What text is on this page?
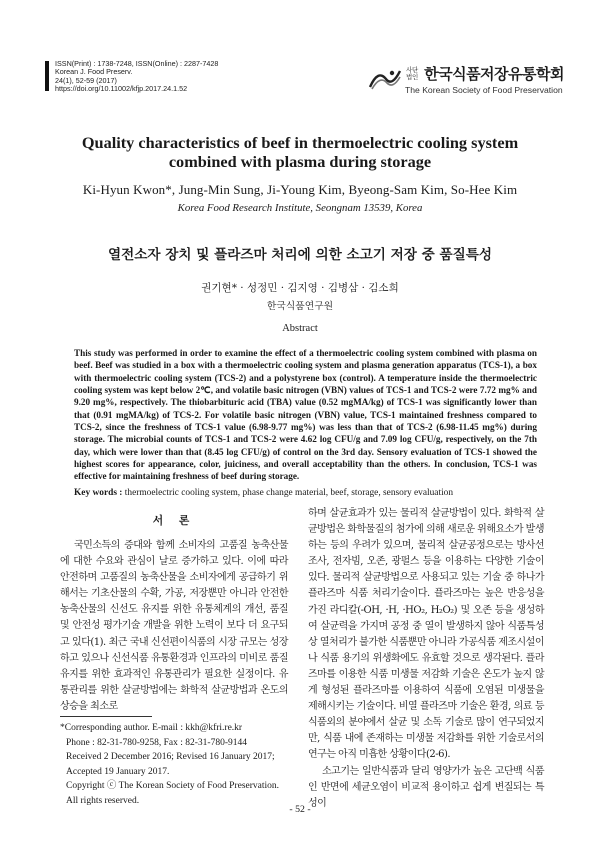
ISSN(Print) : 1738-7248, ISSN(Online) : 2287-7428
Korean J. Food Preserv.
24(1), 52-59 (2017)
https://doi.org/10.11002/kfjp.2017.24.1.52
사단법인 한국식품저장유통학회
The Korean Society of Food Preservation
Quality characteristics of beef in thermoelectric cooling system combined with plasma during storage
Ki-Hyun Kwon*, Jung-Min Sung, Ji-Young Kim, Byeong-Sam Kim, So-Hee Kim
Korea Food Research Institute, Seongnam 13539, Korea
열전소자 장치 및 플라즈마 처리에 의한 소고기 저장 중 품질특성
권기현* · 성정민 · 김지영 · 김병삼 · 김소희
한국식품연구원
Abstract
This study was performed in order to examine the effect of a thermoelectric cooling system combined with plasma on beef. Beef was studied in a box with a thermoelectric cooling system and plasma generation apparatus (TCS-1), a box with thermoelectric cooling system (TCS-2) and a polystyrene box (control). A temperature inside the thermoelectric cooling system was kept below 2℃, and volatile basic nitrogen (VBN) values of TCS-1 and TCS-2 were 7.72 mg% and 9.20 mg%, respectively. The thiobarbituric acid (TBA) value (0.52 mgMA/kg) of TCS-1 was significantly lower than that (0.91 mgMA/kg) of TCS-2. For volatile basic nitrogen (VBN) value, TCS-1 maintained freshness compared to TCS-2, since the freshness of TCS-1 value (6.98-9.77 mg%) was less than that of TCS-2 (6.98-11.45 mg%) during storage. The microbial counts of TCS-1 and TCS-2 were 4.62 log CFU/g and 7.09 log CFU/g, respectively, on the 7th day, which were lower than that (8.45 log CFU/g) of control on the 3rd day. Sensory evaluation of TCS-1 showed the highest scores for appearance, color, juiciness, and overall acceptability than the others. In conclusion, TCS-1 was effective for maintaining freshness of beef during storage.
Key words : thermoelectric cooling system, phase change material, beef, storage, sensory evaluation
서 론
국민소득의 증대와 함께 소비자의 고품질 농축산물에 대한 수요와 관심이 날로 증가하고 있다. 이에 따라 안전하며 고품질의 농축산물을 소비자에게 공급하기 위해서는 기초산물의 수확, 가공, 저장뿐만 아니라 안전한 농축산물의 신선도 유지를 위한 유통체계의 개선, 품질 및 안전성 평가기술 개발을 위한 노력이 보다 더 요구되고 있다(1). 최근 국내 신선편이식품의 시장 규모는 성장하고 있으나 신선식품 유통환경과 인프라의 미비로 품질유지를 위한 효과적인 유통관리가 필요한 실정이다. 유통관리를 위한 살균방법에는 화학적 살균방법과 온도의 상승을 최소로

하며 살균효과가 있는 물리적 살균방법이 있다. 화학적 살균방법은 화학물질의 첨가에 의해 새로운 위해요소가 발생하는 등의 우려가 있으며, 물리적 살균공정으로는 방사선 조사, 전자빔, 오존, 광펄스 등을 이용하는 다양한 기술이 있다. 물리적 살균방법으로 사용되고 있는 기술 중 하나가 플라즈마 식품 처리기술이다. 플라즈마는 높은 반응성을 가진 라디칼(-OH, ·H, ·HO₂, H₂O₂) 및 오존 등을 생성하여 살균력을 가지며 공정 중 열이 발생하지 않아 식품특성상 열처리가 불가한 식품뿐만 아니라 가공식품 제조시설이나 식품 용기의 위생화에도 유효할 것으로 생각된다. 플라즈마를 이용한 식품 미생물 저감화 기술은 온도가 높지 않게 형성된 플라즈마를 이용하여 식품에 오염된 미생물을 제해시키는 기술이다. 비열 플라즈마 기술은 환경, 의료 등 식품외의 분야에서 살균 및 소독 기술로 많이 연구되었지만, 식품 내에 존재하는 미생물 저감화를 위한 기술로서의 연구는 아직 미흡한 상황이다(2-6).

소고기는 일반식품과 달리 영양가가 높은 고단백 식품인 반면에 세균오염이 비교적 용이하고 쉽게 변질되는 특성이

*Corresponding author. E-mail : kkh@kfri.re.kr
Phone : 82-31-780-9258, Fax : 82-31-780-9144
Received 2 December 2016; Revised 16 January 2017; Accepted 19 January 2017.
Copyright ⓒ The Korean Society of Food Preservation. All rights reserved.
- 52 -
